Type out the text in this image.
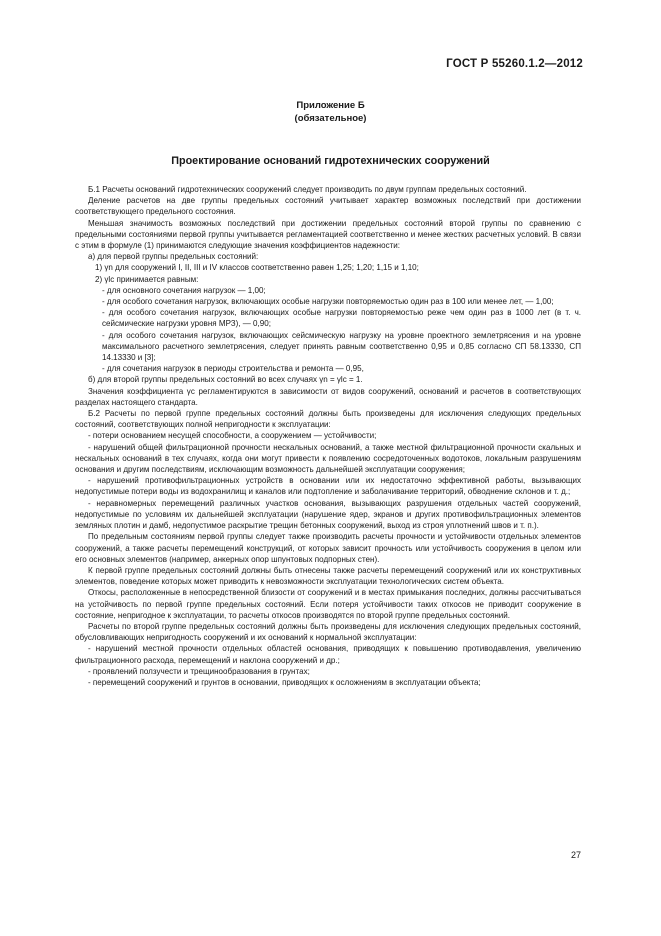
ГОСТ Р 55260.1.2—2012
Приложение Б
(обязательное)
Проектирование оснований гидротехнических сооружений

Б.1 Расчеты оснований гидротехнических сооружений следует производить по двум группам предельных состояний.

Деление расчетов на две группы предельных состояний учитывает характер возможных последствий при достижении соответствующего предельного состояния.

Меньшая значимость возможных последствий при достижении предельных состояний второй группы по сравнению с предельными состояниями первой группы учитывается регламентацией соответственно и менее жестких расчетных условий. В связи с этим в формуле (1) принимаются следующие значения коэффициентов надежности:

а) для первой группы предельных состояний:

1) γn для сооружений I, II, III и IV классов соответственно равен 1,25; 1,20; 1,15 и 1,10;

2) γlc принимается равным:

- для основного сочетания нагрузок — 1,00;

- для особого сочетания нагрузок, включающих особые нагрузки повторяемостью один раз в 100 или менее лет, — 1,00;

- для особого сочетания нагрузок, включающих особые нагрузки повторяемостью реже чем один раз в 1000 лет (в т. ч. сейсмические нагрузки уровня МРЗ), — 0,90;

- для особого сочетания нагрузок, включающих сейсмическую нагрузку на уровне проектного землетрясения и на уровне максимального расчетного землетрясения, следует принять равным соответственно 0,95 и 0,85 согласно СП 58.13330, СП 14.13330 и [3];

- для сочетания нагрузок в периоды строительства и ремонта — 0,95,

б) для второй группы предельных состояний во всех случаях γn = γlc = 1.

Значения коэффициента γc регламентируются в зависимости от видов сооружений, оснований и расчетов в соответствующих разделах настоящего стандарта.

Б.2 Расчеты по первой группе предельных состояний должны быть произведены для исключения следующих предельных состояний, соответствующих полной непригодности к эксплуатации:

- потери основанием несущей способности, а сооружением — устойчивости;

- нарушений общей фильтрационной прочности нескальных оснований, а также местной фильтрационной прочности скальных и нескальных оснований в тех случаях, когда они могут привести к появлению сосредоточенных водотоков, локальным разрушениям основания и другим последствиям, исключающим возможность дальнейшей эксплуатации сооружения;

- нарушений противофильтрационных устройств в основании или их недостаточно эффективной работы, вызывающих недопустимые потери воды из водохранилищ и каналов или подтопление и заболачивание территорий, обводнение склонов и т. д.;

- неравномерных перемещений различных участков основания, вызывающих разрушения отдельных частей сооружений, недопустимые по условиям их дальнейшей эксплуатации (нарушение ядер, экранов и других противофильтрационных элементов земляных плотин и дамб, недопустимое раскрытие трещин бетонных сооружений, выход из строя уплотнений швов и т. п.).

По предельным состояниям первой группы следует также производить расчеты прочности и устойчивости отдельных элементов сооружений, а также расчеты перемещений конструкций, от которых зависит прочность или устойчивость сооружения в целом или его основных элементов (например, анкерных опор шпунтовых подпорных стен).

К первой группе предельных состояний должны быть отнесены также расчеты перемещений сооружений или их конструктивных элементов, поведение которых может приводить к невозможности эксплуатации технологических систем объекта.

Откосы, расположенные в непосредственной близости от сооружений и в местах примыкания последних, должны рассчитываться на устойчивость по первой группе предельных состояний. Если потеря устойчивости таких откосов не приводит сооружение в состояние, непригодное к эксплуатации, то расчеты откосов производятся по второй группе предельных состояний.

Расчеты по второй группе предельных состояний должны быть произведены для исключения следующих предельных состояний, обусловливающих непригодность сооружений и их оснований к нормальной эксплуатации:

- нарушений местной прочности отдельных областей основания, приводящих к повышению противодавления, увеличению фильтрационного расхода, перемещений и наклона сооружений и др.;

- проявлений ползучести и трещинообразования в грунтах;

- перемещений сооружений и грунтов в основании, приводящих к осложнениям в эксплуатации объекта;

27
